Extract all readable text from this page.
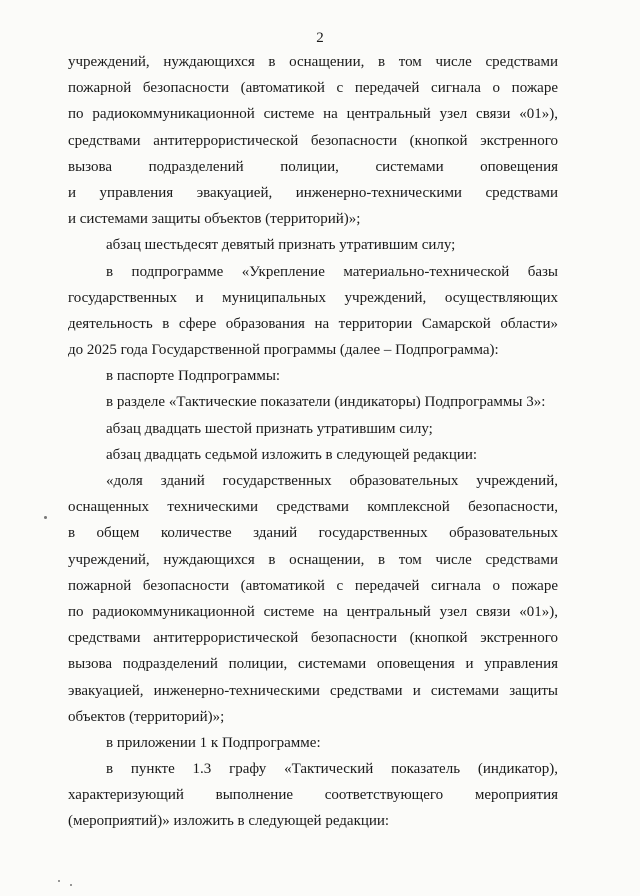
2
учреждений, нуждающихся в оснащении, в том числе средствами
пожарной безопасности (автоматикой с передачей сигнала о пожаре
по радиокоммуникационной системе на центральный узел связи «01»),
средствами антитеррористической безопасности (кнопкой экстренного
вызова подразделений полиции, системами оповещения
и управления эвакуацией, инженерно-техническими средствами
и системами защиты объектов (территорий)»;
абзац шестьдесят девятый признать утратившим силу;
в подпрограмме «Укрепление материально-технической базы
государственных и муниципальных учреждений, осуществляющих
деятельность в сфере образования на территории Самарской области»
до 2025 года Государственной программы (далее – Подпрограмма):
в паспорте Подпрограммы:
в разделе «Тактические показатели (индикаторы) Подпрограммы 3»:
абзац двадцать шестой признать утратившим силу;
абзац двадцать седьмой изложить в следующей редакции:
«доля зданий государственных образовательных учреждений,
оснащенных техническими средствами комплексной безопасности,
в общем количестве зданий государственных образовательных
учреждений, нуждающихся в оснащении, в том числе средствами
пожарной безопасности (автоматикой с передачей сигнала о пожаре
по радиокоммуникационной системе на центральный узел связи «01»),
средствами антитеррористической безопасности (кнопкой экстренного
вызова подразделений полиции, системами оповещения и управления
эвакуацией, инженерно-техническими средствами и системами защиты
объектов (территорий)»;
в приложении 1 к Подпрограмме:
в пункте 1.3 графу «Тактический показатель (индикатор),
характеризующий выполнение соответствующего мероприятия
(мероприятий)» изложить в следующей редакции:
